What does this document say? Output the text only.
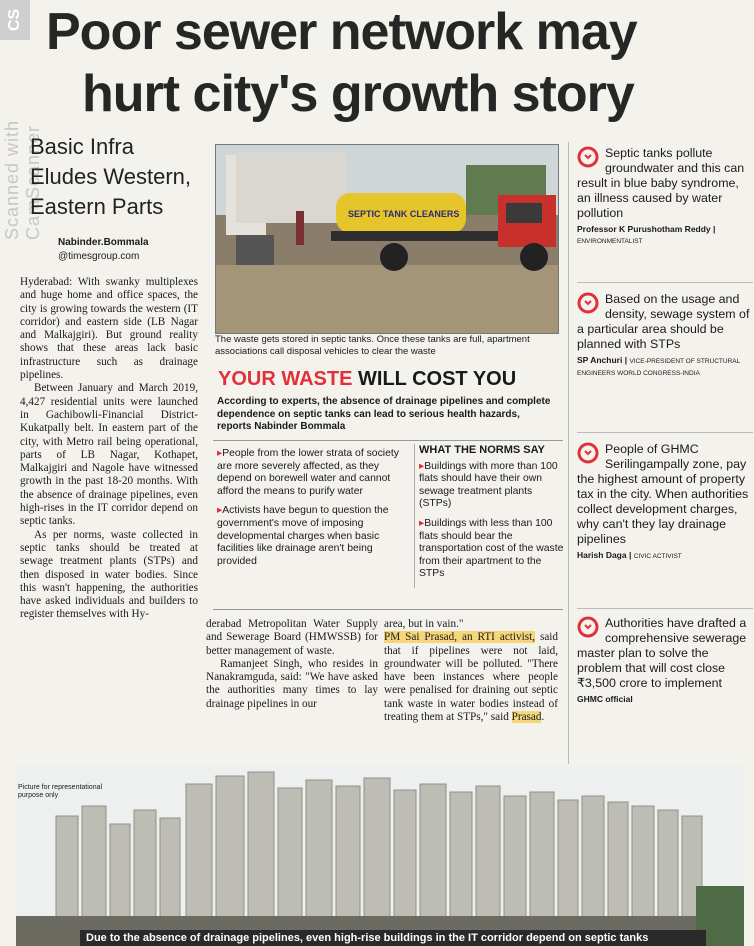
CS
Scanned with CamScanner
Poor sewer network may
hurt city's growth story
Basic Infra
Eludes Western,
Eastern Parts
Nabinder.Bommala
@timesgroup.com

Hyderabad: With swanky multiplexes and huge home and office spaces, the city is growing towards the western (IT corridor) and eastern side (LB Nagar and Malkajgiri). But ground reality shows that these areas lack basic infrastructure such as drainage pipelines.

Between January and March 2019, 4,427 residential units were launched in Gachibowli-Financial District-Kukatpally belt. In eastern part of the city, with Metro rail being operational, parts of LB Nagar, Kothapet, Malkajgiri and Nagole have witnessed growth in the past 18-20 months. With the absence of drainage pipelines, even high-rises in the IT corridor depend on septic tanks.

As per norms, waste collected in septic tanks should be treated at sewage treatment plants (STPs) and then disposed in water bodies. Since this wasn't happening, the authorities have asked individuals and builders to register themselves with Hy-

SEPTIC TANK CLEANERS
The waste gets stored in septic tanks. Once these tanks are full, apartment associations call disposal vehicles to clear the waste
YOUR WASTE WILL COST YOU
According to experts, the absence of drainage pipelines and complete dependence on septic tanks can lead to serious health hazards, reports Nabinder Bommala
▸ People from the lower strata of society are more severely affected, as they depend on borewell water and cannot afford the means to purify water
▸ Activists have begun to question the government's move of imposing developmental charges when basic facilities like drainage aren't being provided
WHAT THE NORMS SAY
▸ Buildings with more than 100 flats should have their own sewage treatment plants (STPs)
▸ Buildings with less than 100 flats should bear the transportation cost of the waste from their apartment to the STPs

derabad Metropolitan Water Supply and Sewerage Board (HMWSSB) for better management of waste.

Ramanjeet Singh, who resides in Nanakramguda, said: "We have asked the authorities many times to lay drainage pipelines in our

area, but in vain."
PM Sai Prasad, an RTI activist, said that if pipelines were not laid, groundwater will be polluted. "There have been instances where people were penalised for draining out septic tank waste in water bodies instead of treating them at STPs," said Prasad.

Septic tanks pollute groundwater and this can result in blue baby syndrome, an illness caused by water pollution
Professor K Purushotham Reddy | ENVIRONMENTALIST
Based on the usage and density, sewage system of a particular area should be planned with STPs
SP Anchuri | VICE-PRESIDENT OF STRUCTURAL ENGINEERS WORLD CONGRESS-INDIA
People of GHMC Serilingampally zone, pay the highest amount of property tax in the city. When authorities collect development charges, why can't they lay drainage pipelines
Harish Daga | CIVIC ACTIVIST
Authorities have drafted a comprehensive sewerage master plan to solve the problem that will cost close ₹3,500 crore to implement
GHMC official
Picture for representational purpose only
Due to the absence of drainage pipelines, even high-rise buildings in the IT corridor depend on septic tanks
